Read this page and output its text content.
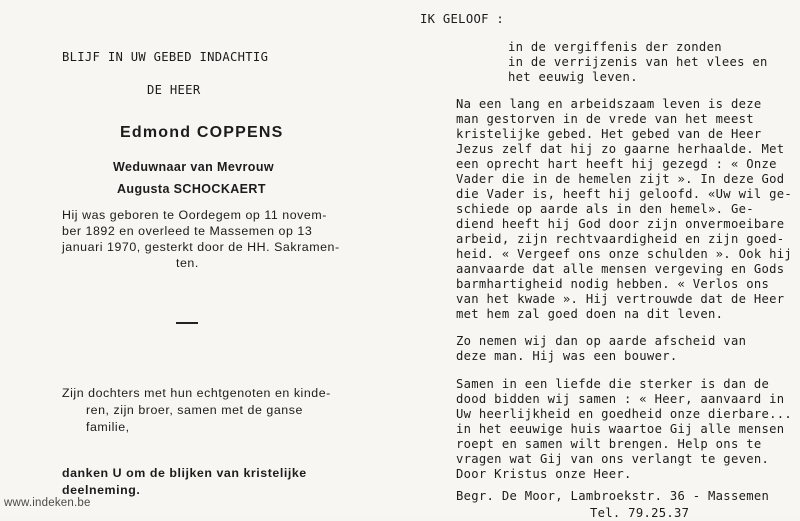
BLIJF IN UW GEBED INDACHTIG
DE HEER
Edmond COPPENS
Weduwnaar van Mevrouw
Augusta SCHOCKAERT
Hij was geboren te Oordegem op 11 novem-
ber 1892 en overleed te Massemen op 13
januari 1970, gesterkt door de HH. Sakramen-
ten.
Zijn dochters met hun echtgenoten en kinde-
ren, zijn broer, samen met de ganse
familie,
danken U om de blijken van kristelijke
deelneming.
www.indeken.be
IK GELOOF :
in de vergiffenis der zonden
in de verrijzenis van het vlees en
het eeuwig leven.
Na een lang en arbeidszaam leven is deze
man gestorven in de vrede van het meest
kristelijke gebed. Het gebed van de Heer
Jezus zelf dat hij zo gaarne herhaalde. Met
een oprecht hart heeft hij gezegd : « Onze
Vader die in de hemelen zijt ». In deze God
die Vader is, heeft hij geloofd. «Uw wil ge-
schiede op aarde als in den hemel». Ge-
diend heeft hij God door zijn onvermoeibare
arbeid, zijn rechtvaardigheid en zijn goed-
heid. « Vergeef ons onze schulden ». Ook hij
aanvaarde dat alle mensen vergeving en Gods
barmhartigheid nodig hebben. « Verlos ons
van het kwade ». Hij vertrouwde dat de Heer
met hem zal goed doen na dit leven.
Zo nemen wij dan op aarde afscheid van
deze man. Hij was een bouwer.
Samen in een liefde die sterker is dan de
dood bidden wij samen : « Heer, aanvaard in
Uw heerlijkheid en goedheid onze dierbare...
in het eeuwige huis waartoe Gij alle mensen
roept en samen wilt brengen. Help ons te
vragen wat Gij van ons verlangt te geven.
Door Kristus onze Heer.
Begr. De Moor, Lambroekstr. 36 - Massemen
Tel. 79.25.37
